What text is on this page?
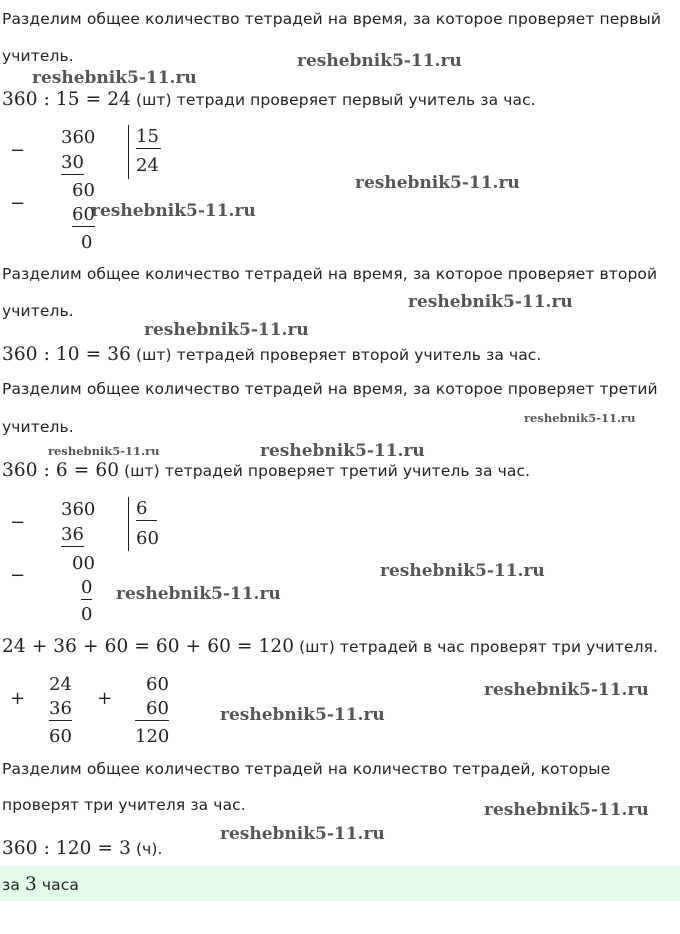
Разделим общее количество тетрадей на время, за которое проверяет первый
учитель.
360 : 15 = 24 (шт) тетради проверяет первый учитель за час.
−
360 15
30	24
60
−
60
0
Разделим общее количество тетрадей на время, за которое проверяет второй
учитель.
360 : 10 = 36 (шт) тетрадей проверяет второй учитель за час.
Разделим общее количество тетрадей на время, за которое проверяет третий
учитель.
360 : 6 = 60 (шт) тетрадей проверяет третий учитель за час.
−
360 6
36	60
00
−
0
0
24 + 36 + 60 = 60 + 60 = 120 (шт) тетрадей в час проверят три учителя.
+
24
36
60
+
60
60
120
Разделим общее количество тетрадей на количество тетрадей, которые
проверят три учителя за час.
360 : 120 = 3 (ч).
за 3 часа
reshebnik5-11.ru
reshebnik5-11.ru
reshebnik5-11.ru
reshebnik5-11.ru
reshebnik5-11.ru
reshebnik5-11.ru
reshebnik5-11.ru
reshebnik5-11.ru	reshebnik5-11.ru
reshebnik5-11.ru
reshebnik5-11.ru
reshebnik5-11.ru
reshebnik5-11.ru
reshebnik5-11.ru
reshebnik5-11.ru
